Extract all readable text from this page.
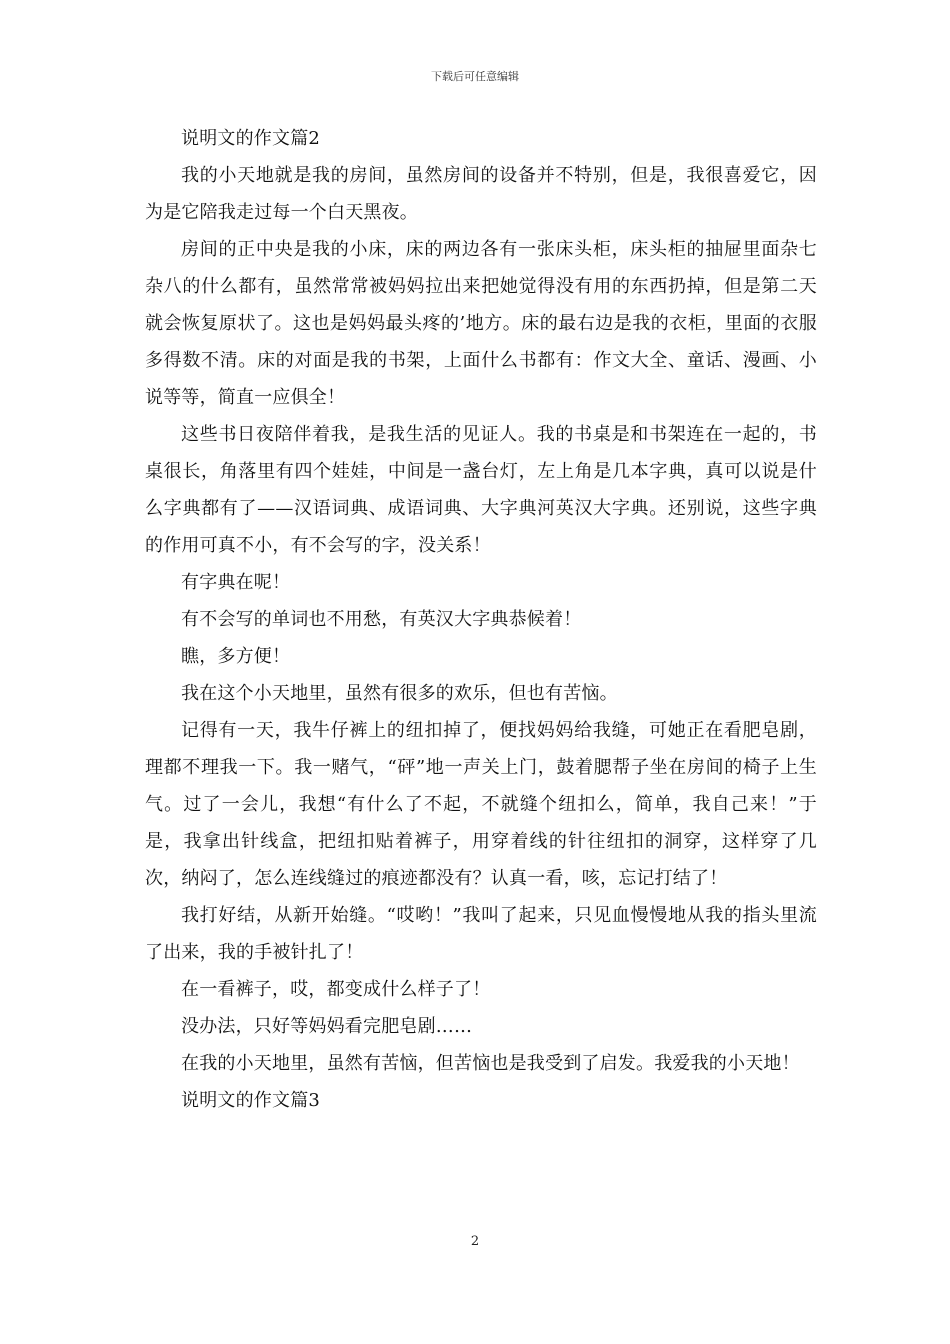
下载后可任意编辑

说明文的作文篇2

我的小天地就是我的房间，虽然房间的设备并不特别，但是，我很喜爱它，因为是它陪我走过每一个白天黑夜。

房间的正中央是我的小床，床的两边各有一张床头柜，床头柜的抽屉里面杂七杂八的什么都有，虽然常常被妈妈拉出来把她觉得没有用的东西扔掉，但是第二天就会恢复原状了。这也是妈妈最头疼的’地方。床的最右边是我的衣柜，里面的衣服多得数不清。床的对面是我的书架，上面什么书都有：作文大全、童话、漫画、小说等等，简直一应俱全！

这些书日夜陪伴着我，是我生活的见证人。我的书桌是和书架连在一起的，书桌很长，角落里有四个娃娃，中间是一盏台灯，左上角是几本字典，真可以说是什么字典都有了——汉语词典、成语词典、大字典河英汉大字典。还别说，这些字典的作用可真不小，有不会写的字，没关系！

有字典在呢！

有不会写的单词也不用愁，有英汉大字典恭候着！

瞧，多方便！

我在这个小天地里，虽然有很多的欢乐，但也有苦恼。

记得有一天，我牛仔裤上的纽扣掉了，便找妈妈给我缝，可她正在看肥皂剧，理都不理我一下。我一赌气，“砰”地一声关上门，鼓着腮帮子坐在房间的椅子上生气。过了一会儿，我想“有什么了不起，不就缝个纽扣么，简单，我自己来！”于是，我拿出针线盒，把纽扣贴着裤子，用穿着线的针往纽扣的洞穿，这样穿了几次，纳闷了，怎么连线缝过的痕迹都没有？认真一看，咳，忘记打结了！

我打好结，从新开始缝。“哎哟！”我叫了起来，只见血慢慢地从我的指头里流了出来，我的手被针扎了！

在一看裤子，哎，都变成什么样子了！

没办法，只好等妈妈看完肥皂剧……

在我的小天地里，虽然有苦恼，但苦恼也是我受到了启发。我爱我的小天地！

说明文的作文篇3

2
